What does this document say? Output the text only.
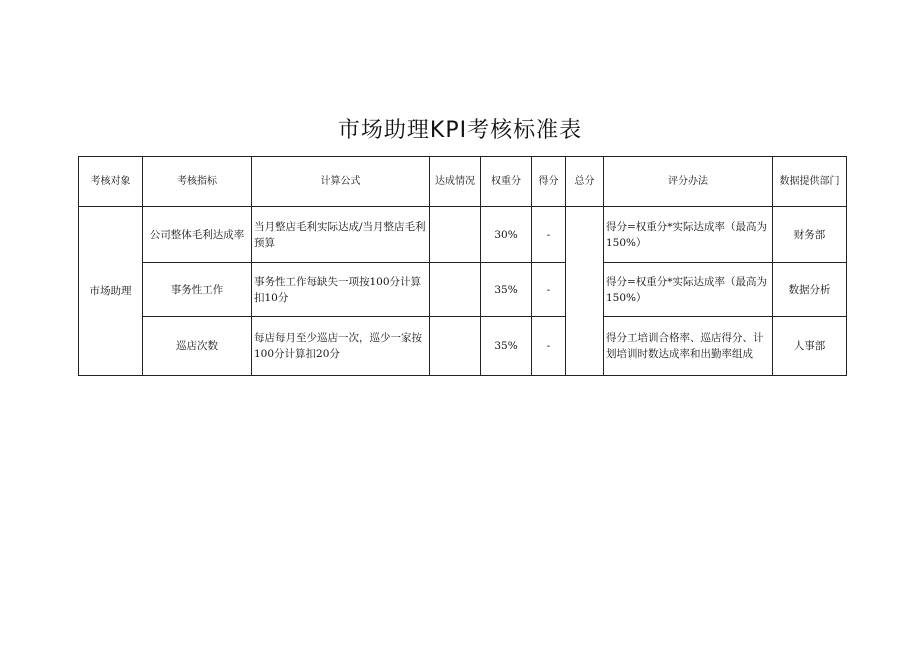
市场助理KPI考核标准表
考核对象	考核指标	计算公式	达成情况	权重分	得分	总分	评分办法	数据提供部门
市场助理	公司整体毛利达成率	当月整店毛利实际达成/当月整店毛利预算		30%	-		得分=权重分*实际达成率（最高为150%）	财务部
	事务性工作	事务性工作每缺失一项按100分计算扣10分		35%	-		得分=权重分*实际达成率（最高为150%）	数据分析
	巡店次数	每店每月至少巡店一次，巡少一家按100分计算扣20分		35%	-		得分工培训合格率、巡店得分、计划培训时数达成率和出勤率组成	人事部
